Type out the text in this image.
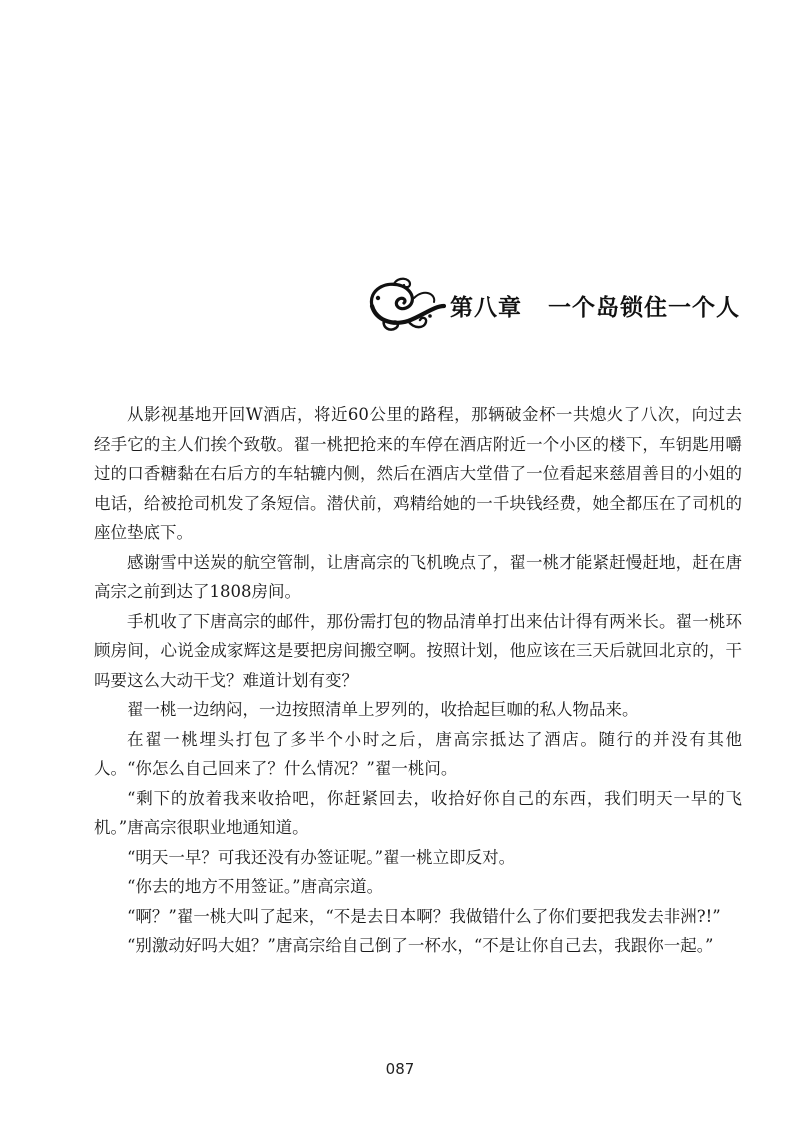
第八章 一个岛锁住一个人

从影视基地开回W酒店，将近60公里的路程，那辆破金杯一共熄火了八次，向过去经手它的主人们挨个致敬。翟一桃把抢来的车停在酒店附近一个小区的楼下，车钥匙用嚼过的口香糖黏在右后方的车轱辘内侧，然后在酒店大堂借了一位看起来慈眉善目的小姐的电话，给被抢司机发了条短信。潜伏前，鸡精给她的一千块钱经费，她全都压在了司机的座位垫底下。

感谢雪中送炭的航空管制，让唐高宗的飞机晚点了，翟一桃才能紧赶慢赶地，赶在唐高宗之前到达了1808房间。

手机收了下唐高宗的邮件，那份需打包的物品清单打出来估计得有两米长。翟一桃环顾房间，心说金成家辉这是要把房间搬空啊。按照计划，他应该在三天后就回北京的，干吗要这么大动干戈？难道计划有变？

翟一桃一边纳闷，一边按照清单上罗列的，收拾起巨咖的私人物品来。

在翟一桃埋头打包了多半个小时之后，唐高宗抵达了酒店。随行的并没有其他人。“你怎么自己回来了？什么情况？”翟一桃问。

“剩下的放着我来收拾吧，你赶紧回去，收拾好你自己的东西，我们明天一早的飞机。”唐高宗很职业地通知道。

“明天一早？可我还没有办签证呢。”翟一桃立即反对。

“你去的地方不用签证。”唐高宗道。

“啊？”翟一桃大叫了起来，“不是去日本啊？我做错什么了你们要把我发去非洲?!”

“别激动好吗大姐？”唐高宗给自己倒了一杯水，“不是让你自己去，我跟你一起。”

087
